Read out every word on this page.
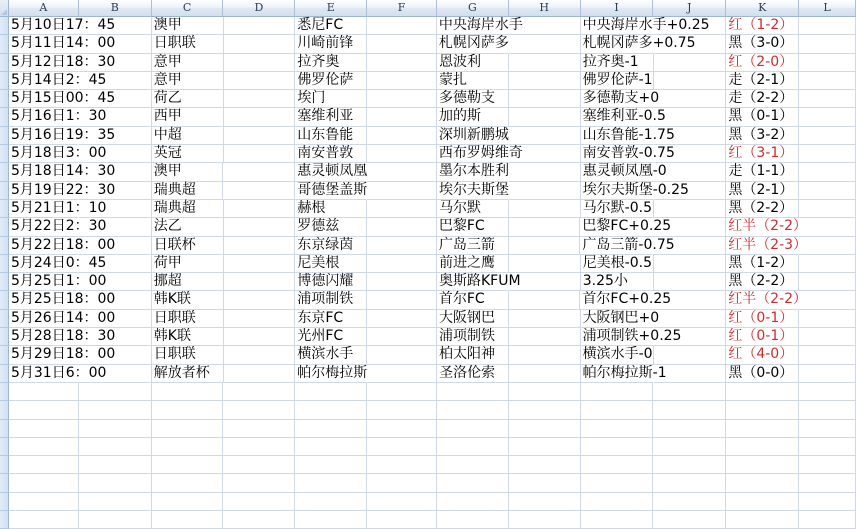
A	B	C	D	E	F	G	H	I	J	K	L
5月10日17：45	澳甲	悉尼FC	中央海岸水手	中央海岸水手+0.25 红（1-2）
5月11日14：00	日职联	川崎前锋	札幌冈萨多	札幌冈萨多+0.75 黑（3-0）
5月12日18：30	意甲	拉齐奥	恩波利	拉齐奥-1	红（2-0）
5月14日2：45	意甲	佛罗伦萨	蒙扎	佛罗伦萨-1	走（2-1）
5月15日00：45	荷乙	埃门	多德勒支	多德勒支+0	走（2-2）
5月16日1：30	西甲	塞维利亚	加的斯	塞维利亚-0.5	黑（0-1）
5月16日19：35	中超	山东鲁能	深圳新鹏城	山东鲁能-1.75	黑（3-2）
5月18日3：00	英冠	南安普敦	西布罗姆维奇	南安普敦-0.75	红（3-1）
5月18日14：30	澳甲	惠灵顿凤凰	墨尔本胜利	惠灵顿凤凰-0	走（1-1）
5月19日22：30	瑞典超	哥德堡盖斯	埃尔夫斯堡	埃尔夫斯堡-0.25	黑（2-1）
5月21日1：10	瑞典超	赫根	马尔默	马尔默-0.5	黑（2-2）
5月22日2：30	法乙	罗德兹	巴黎FC	巴黎FC+0.25	红半（2-2）
5月22日18：00	日联杯	东京绿茵	广岛三箭	广岛三箭-0.75	红半（2-3）
5月24日0：45	荷甲	尼美根	前进之鹰	尼美根-0.5	黑（1-2）
5月25日1：00	挪超	博德闪耀	奥斯路KFUM	3.25小	黑（2-2）
5月25日18：00	韩K联	浦项制铁	首尔FC	首尔FC+0.25	红半（2-2）
5月26日14：00	日职联	东京FC	大阪钢巴	大阪钢巴+0	红（0-1）
5月28日18：30	韩K联	光州FC	浦项制铁	浦项制铁+0.25	红（0-1）
5月29日18：00	日职联	横滨水手	柏太阳神	横滨水手-0	红（4-0）
5月31日6：00	解放者杯	帕尔梅拉斯	圣洛伦索	帕尔梅拉斯-1	黑（0-0）
